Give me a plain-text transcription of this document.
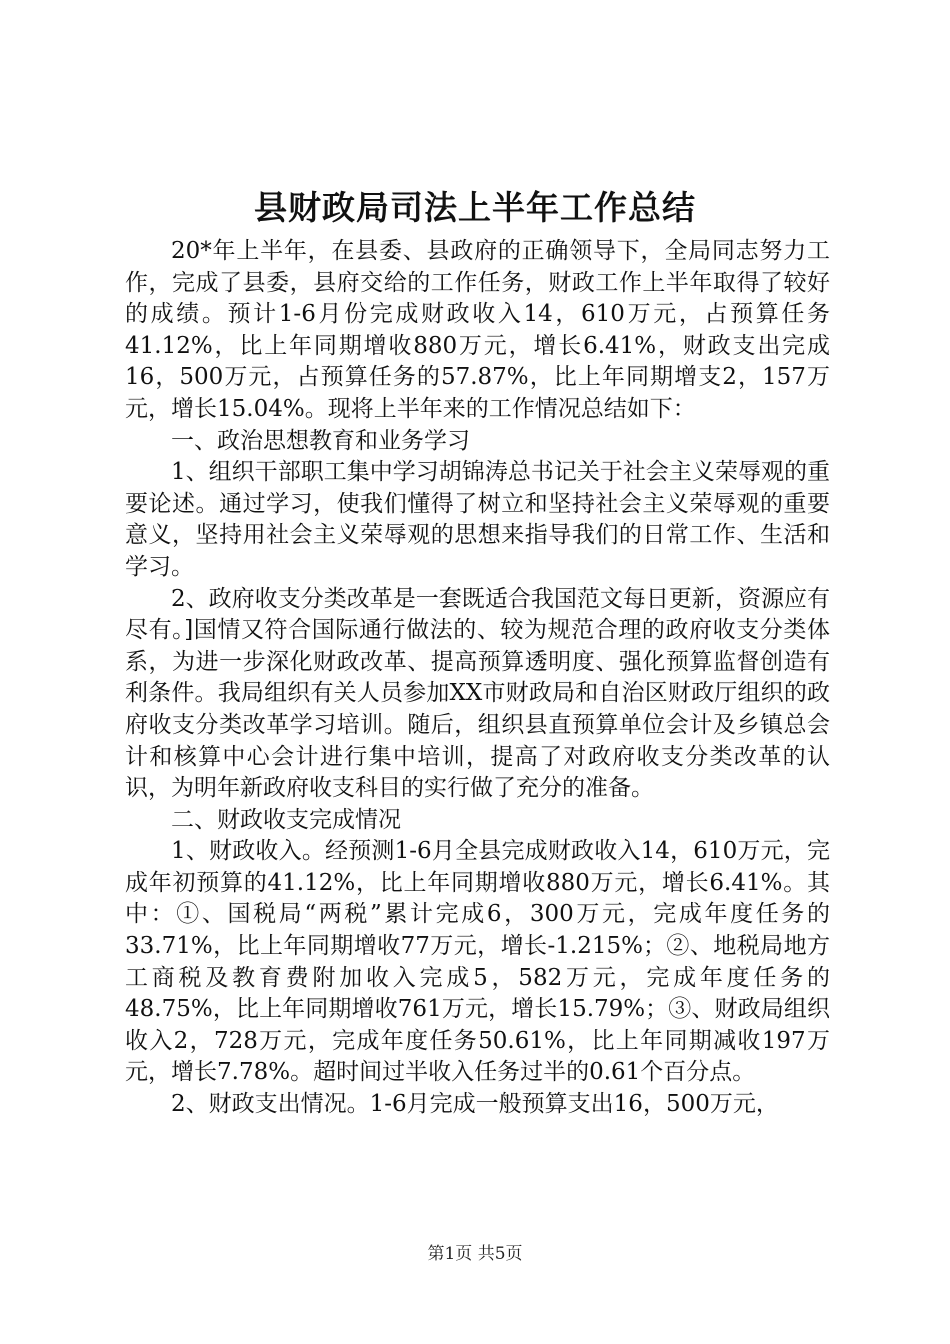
县财政局司法上半年工作总结

20*年上半年，在县委、县政府的正确领导下，全局同志努力工作，完成了县委，县府交给的工作任务，财政工作上半年取得了较好的成绩。预计1-6月份完成财政收入14，610万元，占预算任务41.12%，比上年同期增收880万元，增长6.41%，财政支出完成16，500万元，占预算任务的57.87%，比上年同期增支2，157万元，增长15.04%。现将上半年来的工作情况总结如下：

一、政治思想教育和业务学习

1、组织干部职工集中学习胡锦涛总书记关于社会主义荣辱观的重要论述。通过学习，使我们懂得了树立和坚持社会主义荣辱观的重要意义，坚持用社会主义荣辱观的思想来指导我们的日常工作、生活和学习。

2、政府收支分类改革是一套既适合我国范文每日更新，资源应有尽有。]国情又符合国际通行做法的、较为规范合理的政府收支分类体系，为进一步深化财政改革、提高预算透明度、强化预算监督创造有利条件。我局组织有关人员参加XX市财政局和自治区财政厅组织的政府收支分类改革学习培训。随后，组织县直预算单位会计及乡镇总会计和核算中心会计进行集中培训，提高了对政府收支分类改革的认识，为明年新政府收支科目的实行做了充分的准备。

二、财政收支完成情况

1、财政收入。经预测1-6月全县完成财政收入14，610万元，完成年初预算的41.12%，比上年同期增收880万元，增长6.41%。其中：①、国税局“两税”累计完成6，300万元，完成年度任务的33.71%，比上年同期增收77万元，增长-1.215%；②、地税局地方工商税及教育费附加收入完成5，582万元，完成年度任务的48.75%，比上年同期增收761万元，增长15.79%；③、财政局组织收入2，728万元，完成年度任务50.61%，比上年同期减收197万元，增长7.78%。超时间过半收入任务过半的0.61个百分点。

2、财政支出情况。1-6月完成一般预算支出16，500万元，

第1页 共5页
